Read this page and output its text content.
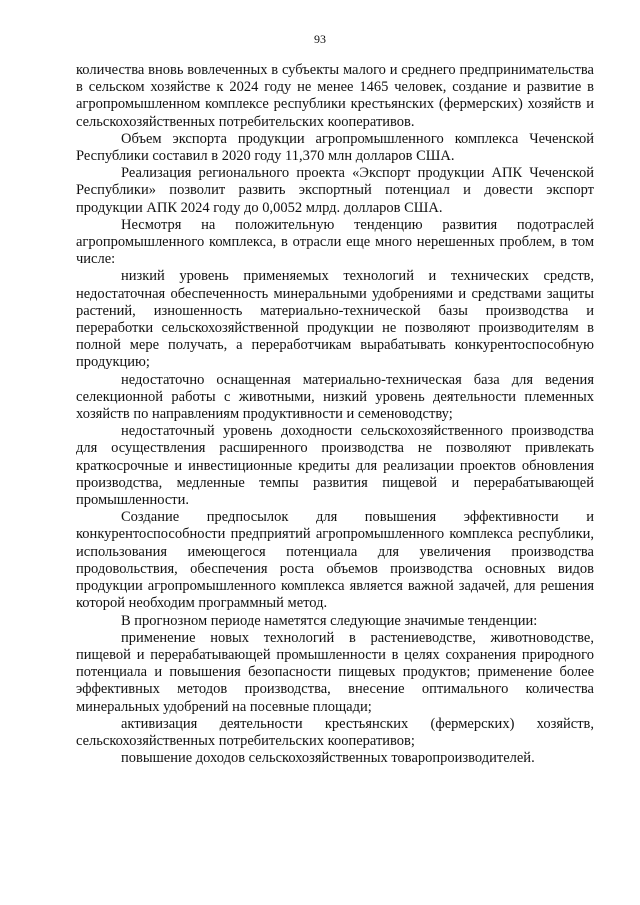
93

количества вновь вовлеченных в субъекты малого и среднего предпринимательства в сельском хозяйстве к 2024 году не менее 1465 человек, создание и развитие в агропромышленном комплексе республики крестьянских (фермерских) хозяйств и сельскохозяйственных потребительских кооперативов.

Объем экспорта продукции агропромышленного комплекса Чеченской Республики составил в 2020 году 11,370 млн долларов США.

Реализация регионального проекта «Экспорт продукции АПК Чеченской Республики» позволит развить экспортный потенциал и довести экспорт продукции АПК 2024 году до 0,0052 млрд. долларов США.

Несмотря на положительную тенденцию развития подотраслей агропромышленного комплекса, в отрасли еще много нерешенных проблем, в том числе:

низкий уровень применяемых технологий и технических средств, недостаточная обеспеченность минеральными удобрениями и средствами защиты растений, изношенность материально-технической базы производства и переработки сельскохозяйственной продукции не позволяют производителям в полной мере получать, а переработчикам вырабатывать конкурентоспособную продукцию;

недостаточно оснащенная материально-техническая база для ведения селекционной работы с животными, низкий уровень деятельности племенных хозяйств по направлениям продуктивности и семеноводству;

недостаточный уровень доходности сельскохозяйственного производства для осуществления расширенного производства не позволяют привлекать краткосрочные и инвестиционные кредиты для реализации проектов обновления производства, медленные темпы развития пищевой и перерабатывающей промышленности.

Создание предпосылок для повышения эффективности и конкурентоспособности предприятий агропромышленного комплекса республики, использования имеющегося потенциала для увеличения производства продовольствия, обеспечения роста объемов производства основных видов продукции агропромышленного комплекса является важной задачей, для решения которой необходим программный метод.

В прогнозном периоде наметятся следующие значимые тенденции:

применение новых технологий в растениеводстве, животноводстве, пищевой и перерабатывающей промышленности в целях сохранения природного потенциала и повышения безопасности пищевых продуктов; применение более эффективных методов производства, внесение оптимального количества минеральных удобрений на посевные площади;

активизация деятельности крестьянских (фермерских) хозяйств, сельскохозяйственных потребительских кооперативов;

повышение доходов сельскохозяйственных товаропроизводителей.
